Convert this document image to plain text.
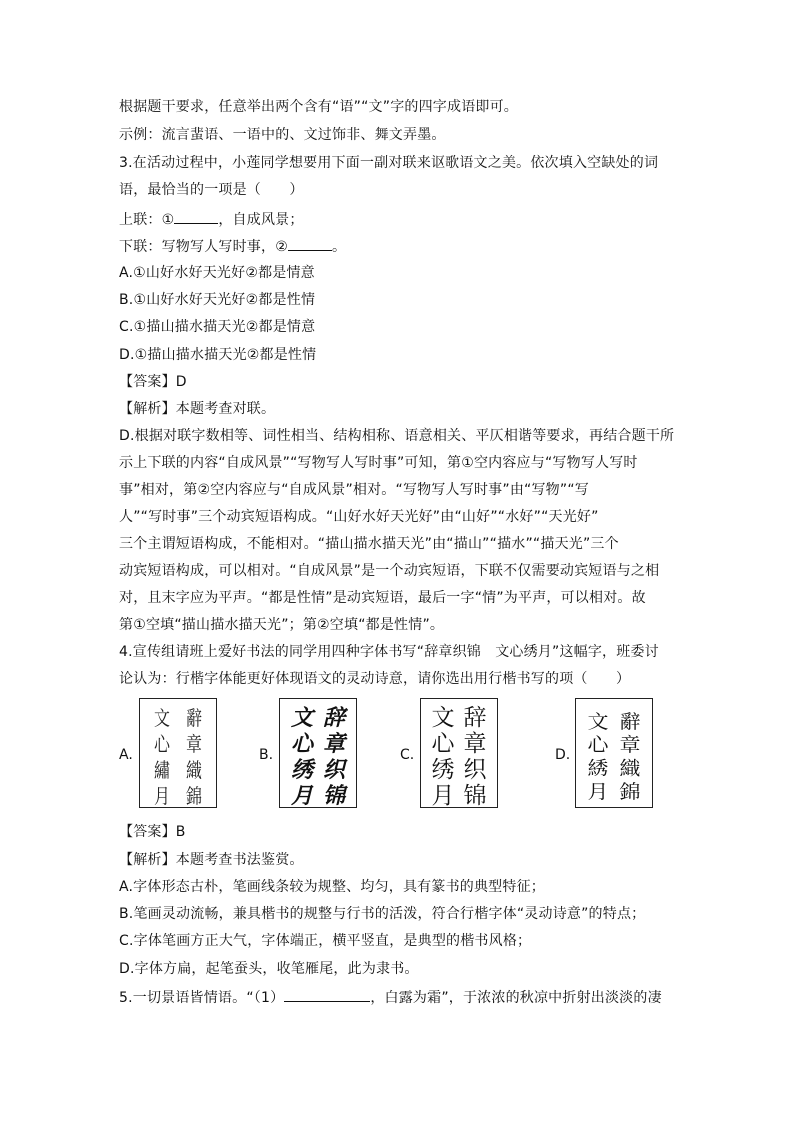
根据题干要求，任意举出两个含有“语”“文”字的四字成语即可。
示例：流言蜚语、一语中的、文过饰非、舞文弄墨。
3.在活动过程中，小莲同学想要用下面一副对联来讴歌语文之美。依次填入空缺处的词
语，最恰当的一项是（　　）
上联：①	，自成风景；
下联：写物写人写时事，②	。
A.①山好水好天光好②都是情意
B.①山好水好天光好②都是性情
C.①描山描水描天光②都是情意
D.①描山描水描天光②都是性情
【答案】D
【解析】本题考查对联。
D.根据对联字数相等、词性相当、结构相称、语意相关、平仄相谐等要求，再结合题干所
示上下联的内容“自成风景”“写物写人写时事”可知，第①空内容应与“写物写人写时
事”相对，第②空内容应与“自成风景”相对。“写物写人写时事”由“写物”“写
人”“写时事”三个动宾短语构成。“山好水好天光好”由“山好”“水好”“天光好”
三个主谓短语构成，不能相对。“描山描水描天光”由“描山”“描水”“描天光”三个
动宾短语构成，可以相对。“自成风景”是一个动宾短语，下联不仅需要动宾短语与之相
对，且末字应为平声。“都是性情”是动宾短语，最后一字“情”为平声，可以相对。故
第①空填“描山描水描天光”；第②空填“都是性情”。
4.宣传组请班上爱好书法的同学用四种字体书写“辞章织锦　文心绣月”这幅字，班委讨
论认为：行楷字体能更好体现语文的灵动诗意，请你选出用行楷书写的项（　　）
A.
辭
章
織
錦
文
心
繡
月
B.
辞
章
织
锦
文
心
绣
月
C.
辞
章
织
锦
文
心
绣
月
D.
辭
章
織
錦
文
心
綉
月
【答案】B
【解析】本题考查书法鉴赏。
A.字体形态古朴，笔画线条较为规整、均匀，具有篆书的典型特征；
B.笔画灵动流畅，兼具楷书的规整与行书的活泼，符合行楷字体“灵动诗意”的特点；
C.字体笔画方正大气，字体端正，横平竖直，是典型的楷书风格；
D.字体方扁，起笔蚕头，收笔雁尾，此为隶书。
5.一切景语皆情语。“（1）	，白露为霜”，于浓浓的秋凉中折射出淡淡的凄
